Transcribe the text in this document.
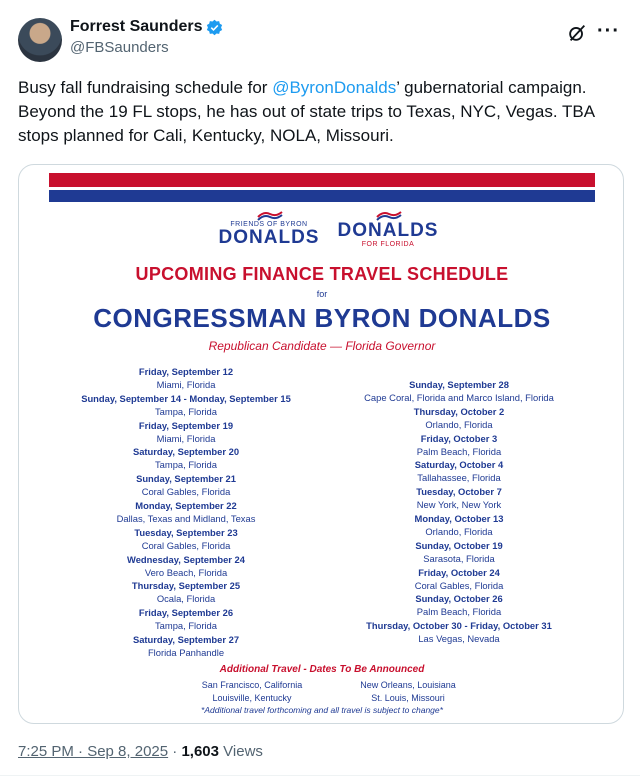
Forrest Saunders
@FBSaunders
···
Busy fall fundraising schedule for @ByronDonalds’ gubernatorial campaign. Beyond the 19 FL stops, he has out of state trips to Texas, NYC, Vegas. TBA stops planned for Cali, Kentucky, NOLA, Missouri.
FRIENDS OF BYRON
DONALDS DONALDS
FOR FLORIDA
UPCOMING FINANCE TRAVEL SCHEDULE
for
CONGRESSMAN BYRON DONALDS
Republican Candidate — Florida Governor
Friday, September 12
Miami, Florida
Sunday, September 14 - Monday, September 15
Tampa, Florida
Friday, September 19
Miami, Florida
Saturday, September 20
Tampa, Florida
Sunday, September 21
Coral Gables, Florida
Monday, September 22
Dallas, Texas and Midland, Texas
Tuesday, September 23
Coral Gables, Florida
Wednesday, September 24
Vero Beach, Florida
Thursday, September 25
Ocala, Florida
Friday, September 26
Tampa, Florida
Saturday, September 27
Florida Panhandle
Sunday, September 28
Cape Coral, Florida and Marco Island, Florida
Thursday, October 2
Orlando, Florida
Friday, October 3
Palm Beach, Florida
Saturday, October 4
Tallahassee, Florida
Tuesday, October 7
New York, New York
Monday, October 13
Orlando, Florida
Sunday, October 19
Sarasota, Florida
Friday, October 24
Coral Gables, Florida
Sunday, October 26
Palm Beach, Florida
Thursday, October 30 - Friday, October 31
Las Vegas, Nevada
Additional Travel - Dates To Be Announced
San Francisco, California
Louisville, Kentucky
New Orleans, Louisiana
St. Louis, Missouri
*Additional travel forthcoming and all travel is subject to change*
7:25 PM · Sep 8, 2025 · 1,603 Views
